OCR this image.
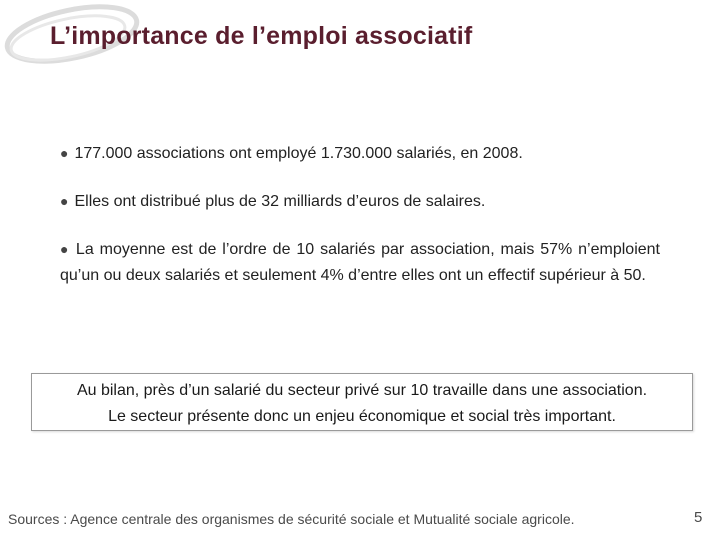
L’importance de l’emploi associatif
● 177.000 associations ont employé 1.730.000 salariés, en 2008.
● Elles ont distribué plus de 32 milliards d’euros de salaires.
● La moyenne est de l’ordre de 10 salariés par association, mais 57% n’emploient qu’un ou deux salariés et seulement 4% d’entre elles ont un effectif supérieur à 50.
Au bilan, près d’un salarié du secteur privé sur 10 travaille dans une association.
Le secteur présente donc un enjeu économique et social très important.
Sources : Agence centrale des organismes de sécurité sociale et Mutualité sociale agricole.	5
